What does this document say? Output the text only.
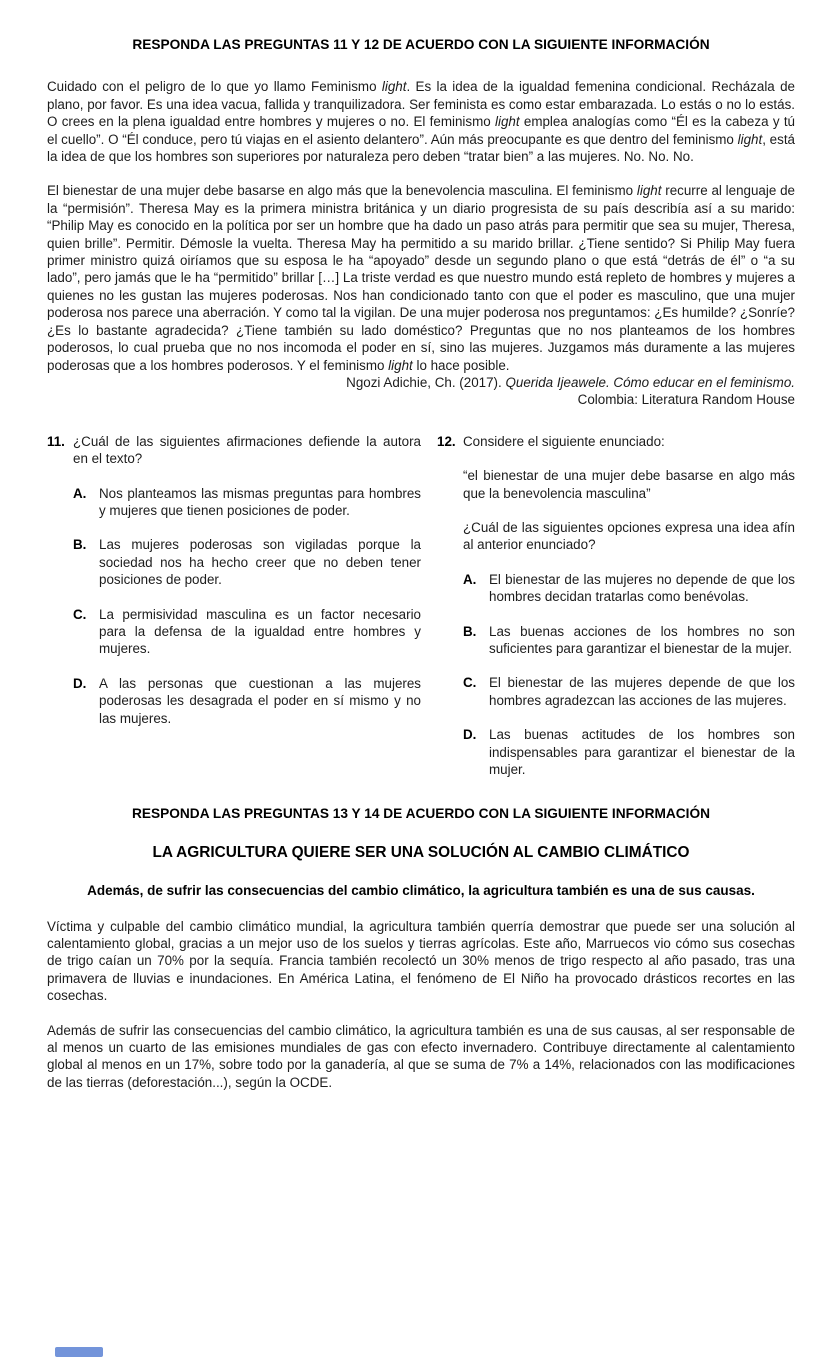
RESPONDA LAS PREGUNTAS 11 Y 12 DE ACUERDO CON LA SIGUIENTE INFORMACIÓN
Cuidado con el peligro de lo que yo llamo Feminismo light. Es la idea de la igualdad femenina condicional. Recházala de plano, por favor. Es una idea vacua, fallida y tranquilizadora. Ser feminista es como estar embarazada. Lo estás o no lo estás. O crees en la plena igualdad entre hombres y mujeres o no. El feminismo light emplea analogías como “Él es la cabeza y tú el cuello”. O “Él conduce, pero tú viajas en el asiento delantero”. Aún más preocupante es que dentro del feminismo light, está la idea de que los hombres son superiores por naturaleza pero deben “tratar bien” a las mujeres. No. No. No.
El bienestar de una mujer debe basarse en algo más que la benevolencia masculina. El feminismo light recurre al lenguaje de la “permisión”. Theresa May es la primera ministra británica y un diario progresista de su país describía así a su marido: “Philip May es conocido en la política por ser un hombre que ha dado un paso atrás para permitir que sea su mujer, Theresa, quien brille”. Permitir. Démosle la vuelta. Theresa May ha permitido a su marido brillar. ¿Tiene sentido? Si Philip May fuera primer ministro quizá oiríamos que su esposa le ha “apoyado” desde un segundo plano o que está “detrás de él” o “a su lado”, pero jamás que le ha “permitido” brillar […] La triste verdad es que nuestro mundo está repleto de hombres y mujeres a quienes no les gustan las mujeres poderosas. Nos han condicionado tanto con que el poder es masculino, que una mujer poderosa nos parece una aberración. Y como tal la vigilan. De una mujer poderosa nos preguntamos: ¿Es humilde? ¿Sonríe? ¿Es lo bastante agradecida? ¿Tiene también su lado doméstico? Preguntas que no nos planteamos de los hombres poderosos, lo cual prueba que no nos incomoda el poder en sí, sino las mujeres. Juzgamos más duramente a las mujeres poderosas que a los hombres poderosos. Y el feminismo light lo hace posible.
Ngozi Adichie, Ch. (2017). Querida Ijeawele. Cómo educar en el feminismo.
Colombia: Literatura Random House
11. ¿Cuál de las siguientes afirmaciones defiende la autora en el texto?
A. Nos planteamos las mismas preguntas para hombres y mujeres que tienen posiciones de poder.
B. Las mujeres poderosas son vigiladas porque la sociedad nos ha hecho creer que no deben tener posiciones de poder.
C. La permisividad masculina es un factor necesario para la defensa de la igualdad entre hombres y mujeres.
D. A las personas que cuestionan a las mujeres poderosas les desagrada el poder en sí mismo y no las mujeres.
12. Considere el siguiente enunciado:
“el bienestar de una mujer debe basarse en algo más que la benevolencia masculina”
¿Cuál de las siguientes opciones expresa una idea afín al anterior enunciado?
A. El bienestar de las mujeres no depende de que los hombres decidan tratarlas como benévolas.
B. Las buenas acciones de los hombres no son suficientes para garantizar el bienestar de la mujer.
C. El bienestar de las mujeres depende de que los hombres agradezcan las acciones de las mujeres.
D. Las buenas actitudes de los hombres son indispensables para garantizar el bienestar de la mujer.
RESPONDA LAS PREGUNTAS 13 Y 14 DE ACUERDO CON LA SIGUIENTE INFORMACIÓN
LA AGRICULTURA QUIERE SER UNA SOLUCIÓN AL CAMBIO CLIMÁTICO
Además, de sufrir las consecuencias del cambio climático, la agricultura también es una de sus causas.
Víctima y culpable del cambio climático mundial, la agricultura también querría demostrar que puede ser una solución al calentamiento global, gracias a un mejor uso de los suelos y tierras agrícolas. Este año, Marruecos vio cómo sus cosechas de trigo caían un 70% por la sequía. Francia también recolectó un 30% menos de trigo respecto al año pasado, tras una primavera de lluvias e inundaciones. En América Latina, el fenómeno de El Niño ha provocado drásticos recortes en las cosechas.
Además de sufrir las consecuencias del cambio climático, la agricultura también es una de sus causas, al ser responsable de al menos un cuarto de las emisiones mundiales de gas con efecto invernadero. Contribuye directamente al calentamiento global al menos en un 17%, sobre todo por la ganadería, al que se suma de 7% a 14%, relacionados con las modificaciones de las tierras (deforestación...), según la OCDE.
